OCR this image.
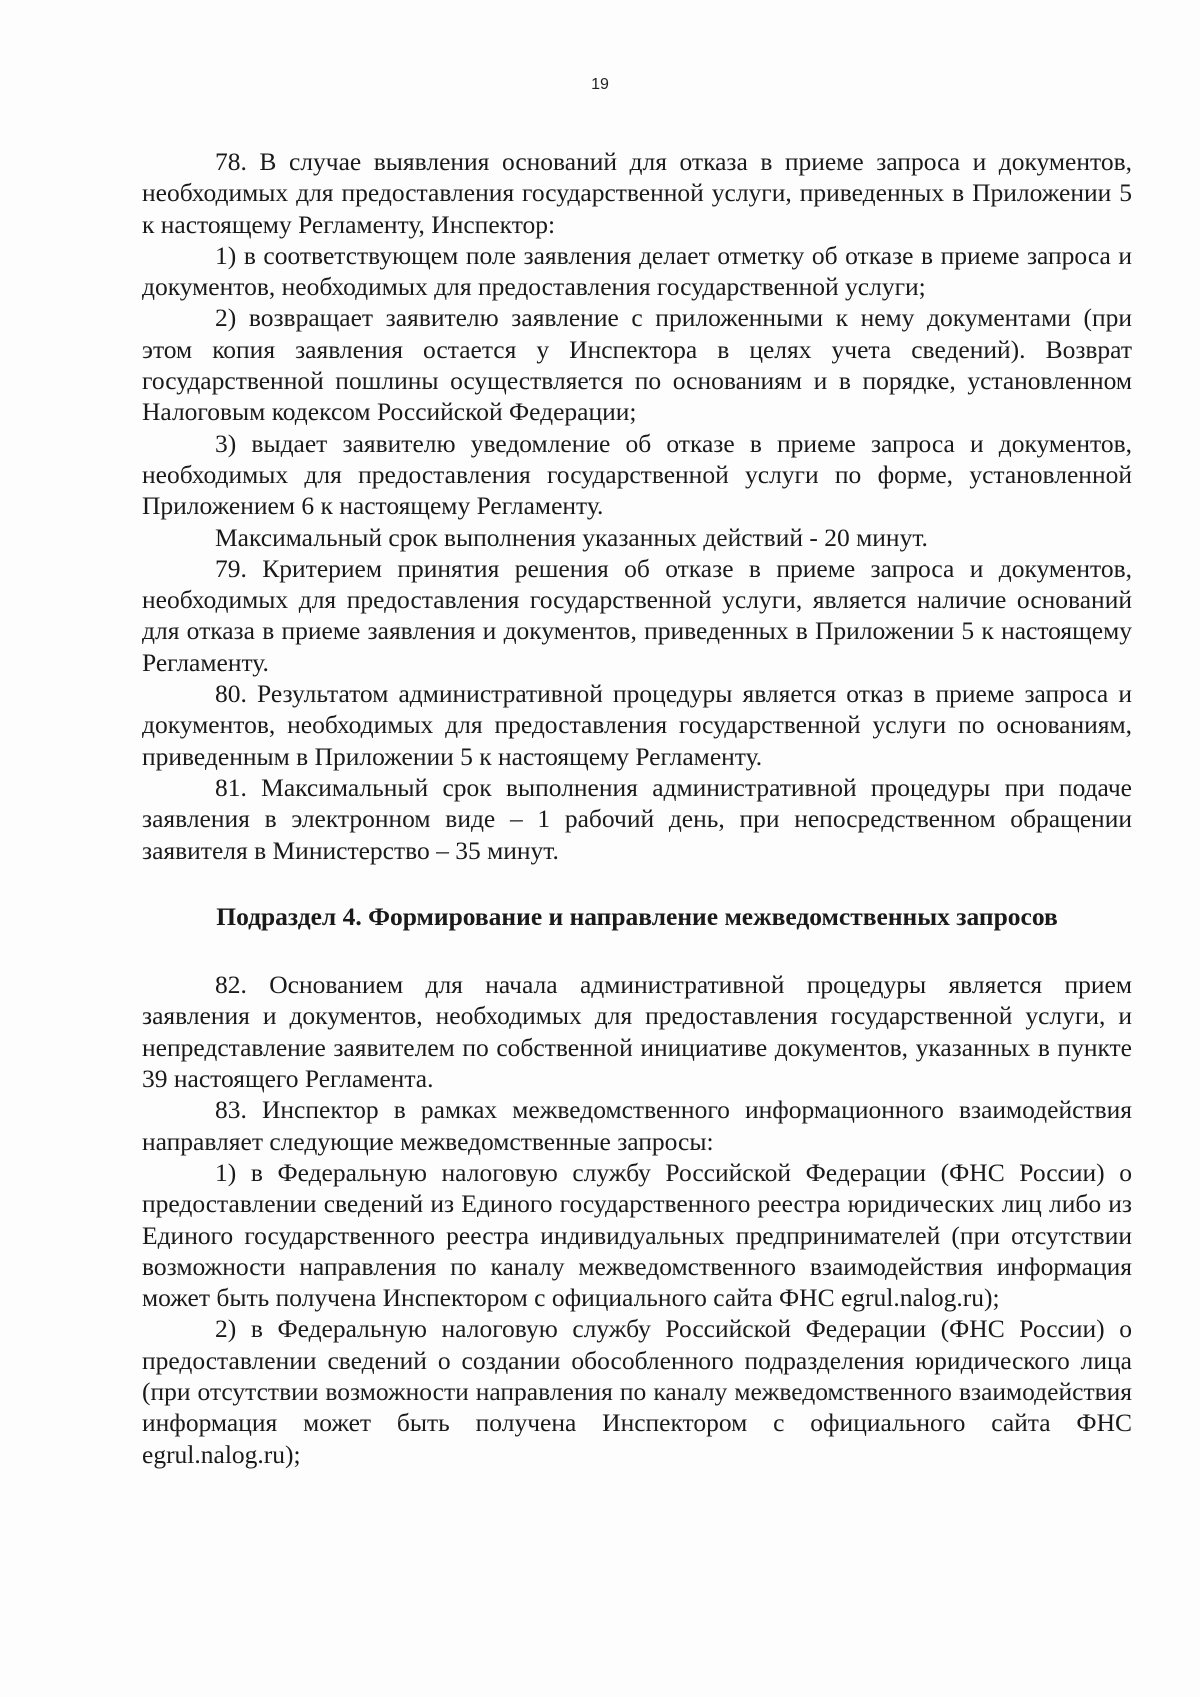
19

78. В случае выявления оснований для отказа в приеме запроса и документов, необходимых для предоставления государственной услуги, приведенных в Приложении 5 к настоящему Регламенту, Инспектор:

1) в соответствующем поле заявления делает отметку об отказе в приеме запроса и документов, необходимых для предоставления государственной услуги;

2) возвращает заявителю заявление с приложенными к нему документами (при этом копия заявления остается у Инспектора в целях учета сведений). Возврат государственной пошлины осуществляется по основаниям и в порядке, установленном Налоговым кодексом Российской Федерации;

3) выдает заявителю уведомление об отказе в приеме запроса и документов, необходимых для предоставления государственной услуги по форме, установленной Приложением 6 к настоящему Регламенту.

Максимальный срок выполнения указанных действий - 20 минут.

79. Критерием принятия решения об отказе в приеме запроса и документов, необходимых для предоставления государственной услуги, является наличие оснований для отказа в приеме заявления и документов, приведенных в Приложении 5 к настоящему Регламенту.

80. Результатом административной процедуры является отказ в приеме запроса и документов, необходимых для предоставления государственной услуги по основаниям, приведенным в Приложении 5 к настоящему Регламенту.

81. Максимальный срок выполнения административной процедуры при подаче заявления в электронном виде – 1 рабочий день, при непосредственном обращении заявителя в Министерство – 35 минут.

Подраздел 4. Формирование и направление межведомственных запросов

82. Основанием для начала административной процедуры является прием заявления и документов, необходимых для предоставления государственной услуги, и непредставление заявителем по собственной инициативе документов, указанных в пункте 39 настоящего Регламента.

83. Инспектор в рамках межведомственного информационного взаимодействия направляет следующие межведомственные запросы:

1) в Федеральную налоговую службу Российской Федерации (ФНС России) о предоставлении сведений из Единого государственного реестра юридических лиц либо из Единого государственного реестра индивидуальных предпринимателей (при отсутствии возможности направления по каналу межведомственного взаимодействия информация может быть получена Инспектором с официального сайта ФНС egrul.nalog.ru);

2) в Федеральную налоговую службу Российской Федерации (ФНС России) о предоставлении сведений о создании обособленного подразделения юридического лица (при отсутствии возможности направления по каналу межведомственного взаимодействия информация может быть получена Инспектором с официального сайта ФНС egrul.nalog.ru);
